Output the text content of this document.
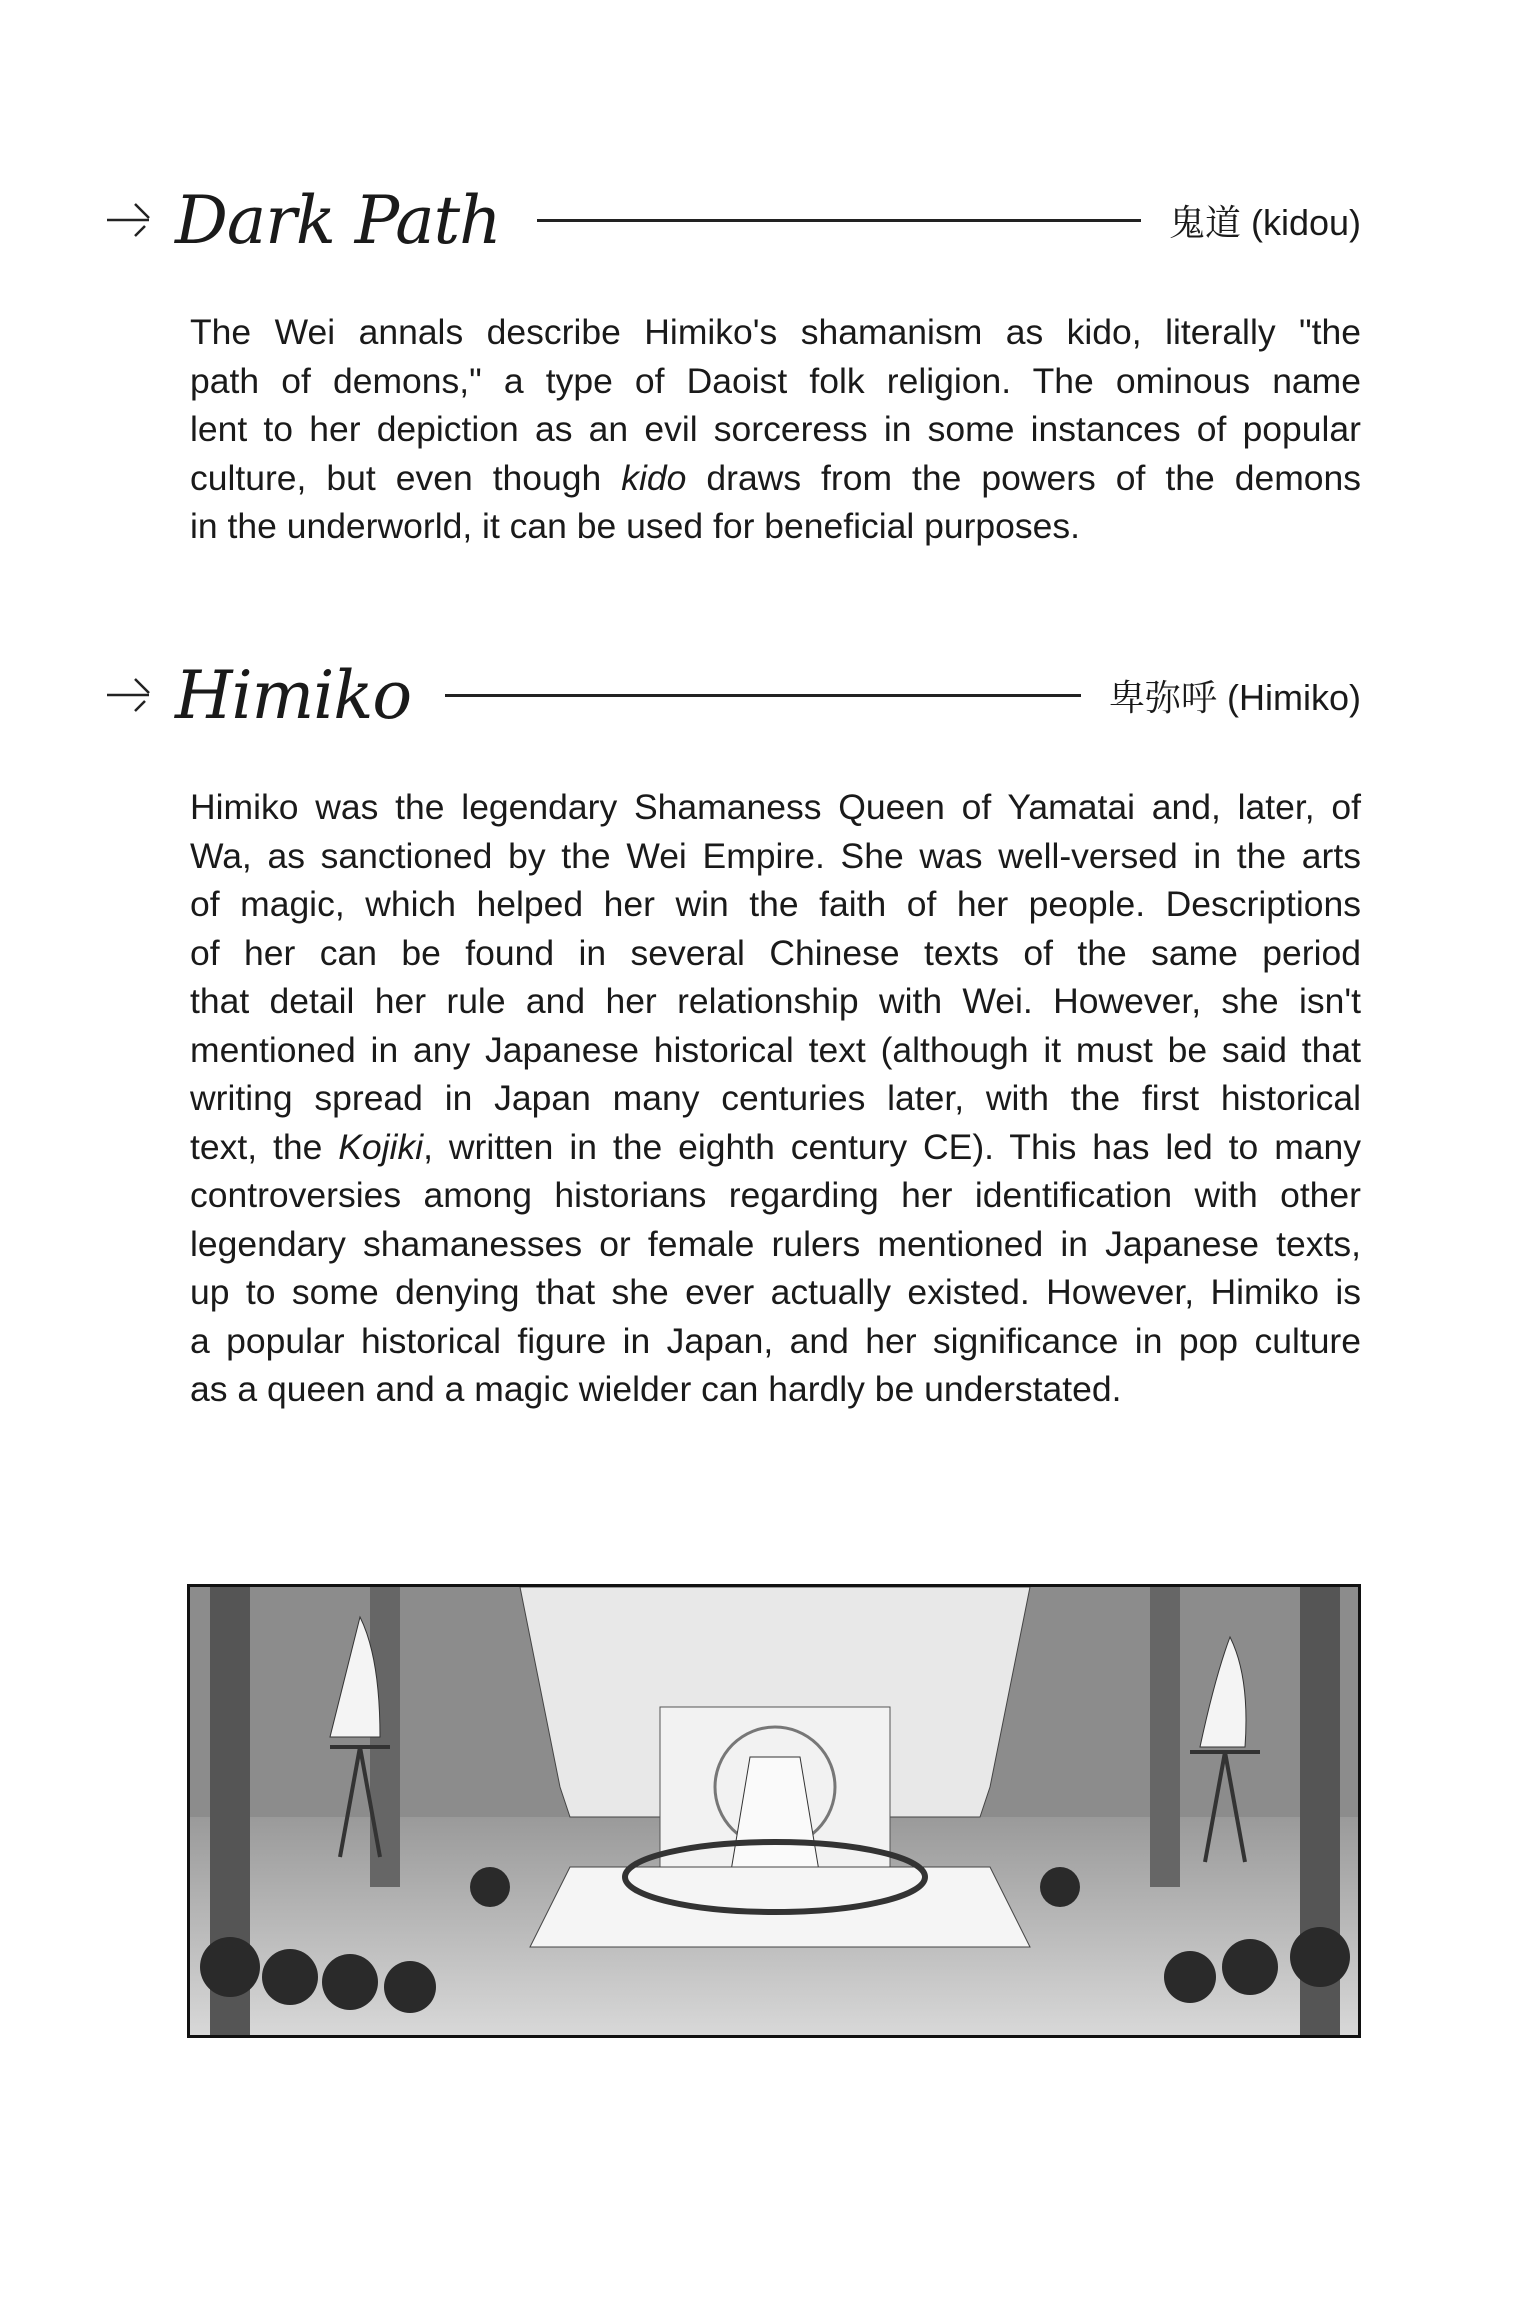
Dark Path	鬼道 (kidou)
The Wei annals describe Himiko's shamanism as kido, literally "the
path of demons," a type of Daoist folk religion. The ominous name
lent to her depiction as an evil sorceress in some instances of popular
culture, but even though kido draws from the powers of the demons
in the underworld, it can be used for beneficial purposes.
Himiko	卑弥呼 (Himiko)
Himiko was the legendary Shamaness Queen of Yamatai and, later, of
Wa, as sanctioned by the Wei Empire. She was well-versed in the arts
of magic, which helped her win the faith of her people. Descriptions
of her can be found in several Chinese texts of the same period
that detail her rule and her relationship with Wei. However, she isn't
mentioned in any Japanese historical text (although it must be said that
writing spread in Japan many centuries later, with the first historical
text, the Kojiki, written in the eighth century CE). This has led to many
controversies among historians regarding her identification with other
legendary shamanesses or female rulers mentioned in Japanese texts,
up to some denying that she ever actually existed. However, Himiko is
a popular historical figure in Japan, and her significance in pop culture
as a queen and a magic wielder can hardly be understated.
